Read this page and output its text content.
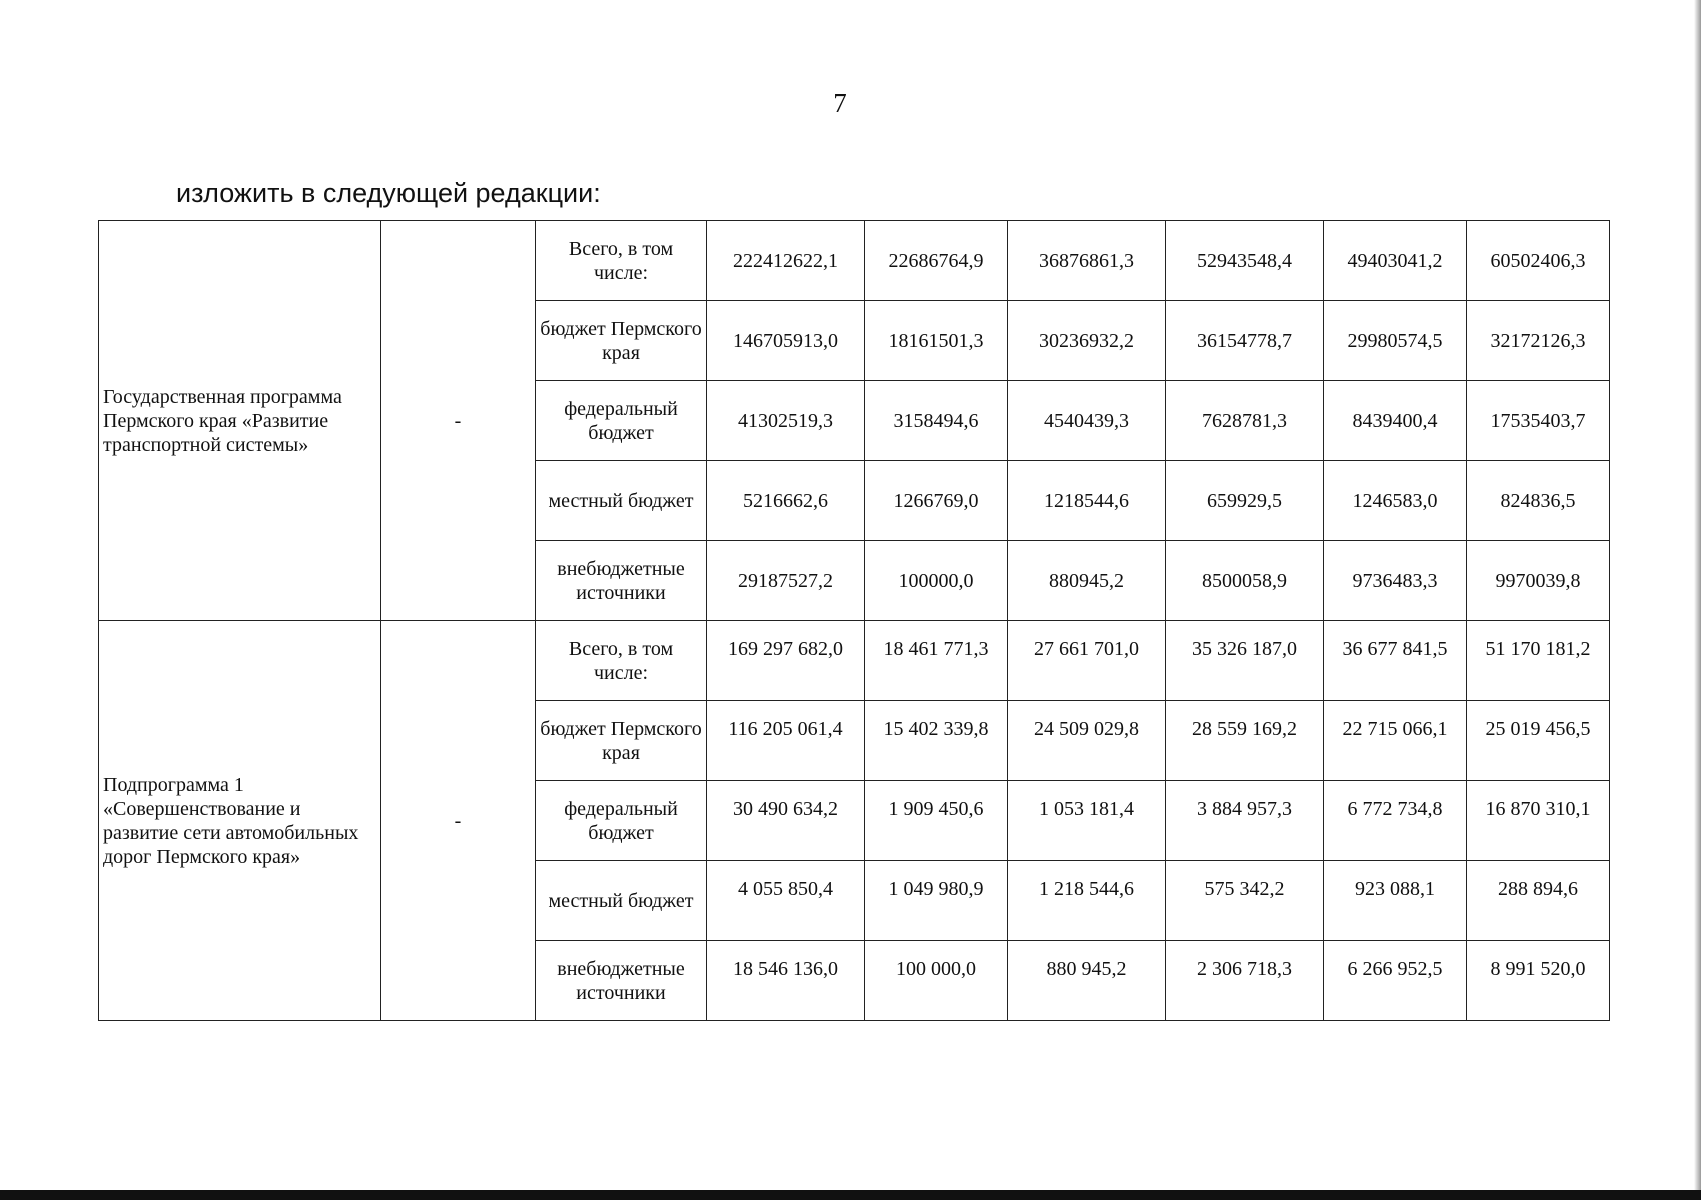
7
изложить в следующей редакции:
Государственная программа Пермского края «Развитие транспортной системы»	-	Всего, в том числе:	222412622,1	22686764,9	36876861,3	52943548,4	49403041,2	60502406,3
		бюджет Пермского края	146705913,0	18161501,3	30236932,2	36154778,7	29980574,5	32172126,3
		федеральный бюджет	41302519,3	3158494,6	4540439,3	7628781,3	8439400,4	17535403,7
		местный бюджет	5216662,6	1266769,0	1218544,6	659929,5	1246583,0	824836,5
		внебюджетные источники	29187527,2	100000,0	880945,2	8500058,9	9736483,3	9970039,8
Подпрограмма 1 «Совершенствование и развитие сети автомобильных дорог Пермского края»	-	Всего, в том числе:	169 297 682,0	18 461 771,3	27 661 701,0	35 326 187,0	36 677 841,5	51 170 181,2
		бюджет Пермского края	116 205 061,4	15 402 339,8	24 509 029,8	28 559 169,2	22 715 066,1	25 019 456,5
		федеральный бюджет	30 490 634,2	1 909 450,6	1 053 181,4	3 884 957,3	6 772 734,8	16 870 310,1
		местный бюджет	4 055 850,4	1 049 980,9	1 218 544,6	575 342,2	923 088,1	288 894,6
		внебюджетные источники	18 546 136,0	100 000,0	880 945,2	2 306 718,3	6 266 952,5	8 991 520,0
